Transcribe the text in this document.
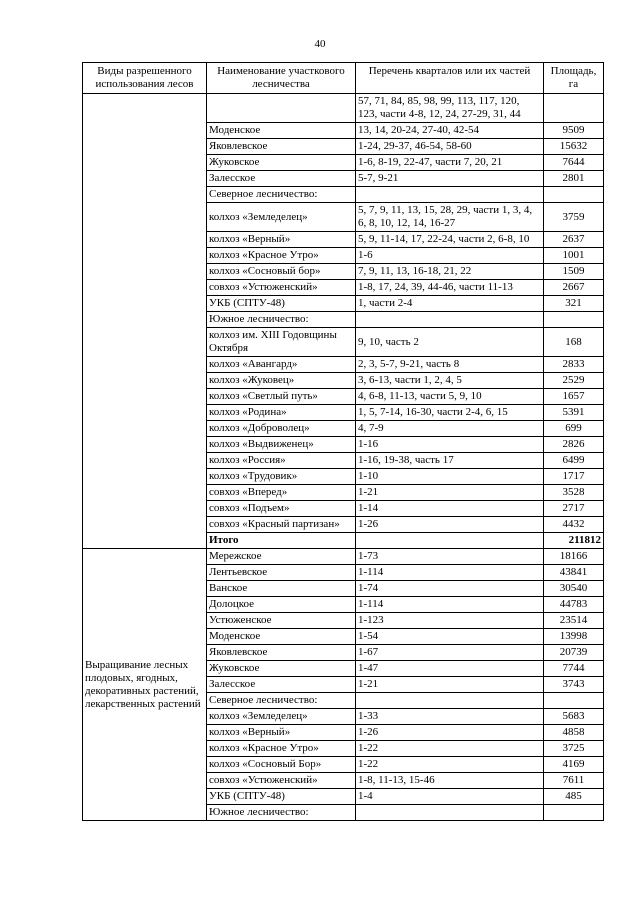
40
Виды разрешенного использования лесов	Наименование участкового лесничества	Перечень кварталов или их частей	Площадь, га
		57, 71, 84, 85, 98, 99, 113, 117, 120, 123, части 4-8, 12, 24, 27-29, 31, 44	
	Моденское	13, 14, 20-24, 27-40, 42-54	9509
	Яковлевское	1-24, 29-37, 46-54, 58-60	15632
	Жуковское	1-6, 8-19, 22-47, части 7, 20, 21	7644
	Залесское	5-7, 9-21	2801
	Северное лесничество:		
	колхоз «Земледелец»	5, 7, 9, 11, 13, 15, 28, 29, части 1, 3, 4, 6, 8, 10, 12, 14, 16-27	3759
	колхоз «Верный»	5, 9, 11-14, 17, 22-24, части 2, 6-8, 10	2637
	колхоз «Красное Утро»	1-6	1001
	колхоз «Сосновый бор»	7, 9, 11, 13, 16-18, 21, 22	1509
	совхоз «Устюженский»	1-8, 17, 24, 39, 44-46, части 11-13	2667
	УКБ (СПТУ-48)	1, части 2-4	321
	Южное лесничество:		
	колхоз им. XIII Годовщины Октября	9, 10, часть 2	168
	колхоз «Авангард»	2, 3, 5-7, 9-21, часть 8	2833
	колхоз «Жуковец»	3, 6-13, части 1, 2, 4, 5	2529
	колхоз «Светлый путь»	4, 6-8, 11-13, части 5, 9, 10	1657
	колхоз «Родина»	1, 5, 7-14, 16-30, части 2-4, 6, 15	5391
	колхоз «Доброволец»	4, 7-9	699
	колхоз «Выдвиженец»	1-16	2826
	колхоз «Россия»	1-16, 19-38, часть 17	6499
	колхоз «Трудовик»	1-10	1717
	совхоз «Вперед»	1-21	3528
	совхоз «Подъем»	1-14	2717
	совхоз «Красный партизан»	1-26	4432
	Итого		211812
Выращивание лесных плодовых, ягодных, декоративных растений, лекарственных растений	Мережское	1-73	18166
	Лентьевское	1-114	43841
	Ванское	1-74	30540
	Долоцкое	1-114	44783
	Устюженское	1-123	23514
	Моденское	1-54	13998
	Яковлевское	1-67	20739
	Жуковское	1-47	7744
	Залесское	1-21	3743
	Северное лесничество:		
	колхоз «Земледелец»	1-33	5683
	колхоз «Верный»	1-26	4858
	колхоз «Красное Утро»	1-22	3725
	колхоз «Сосновый Бор»	1-22	4169
	совхоз «Устюженский»	1-8, 11-13, 15-46	7611
	УКБ (СПТУ-48)	1-4	485
	Южное лесничество:		
